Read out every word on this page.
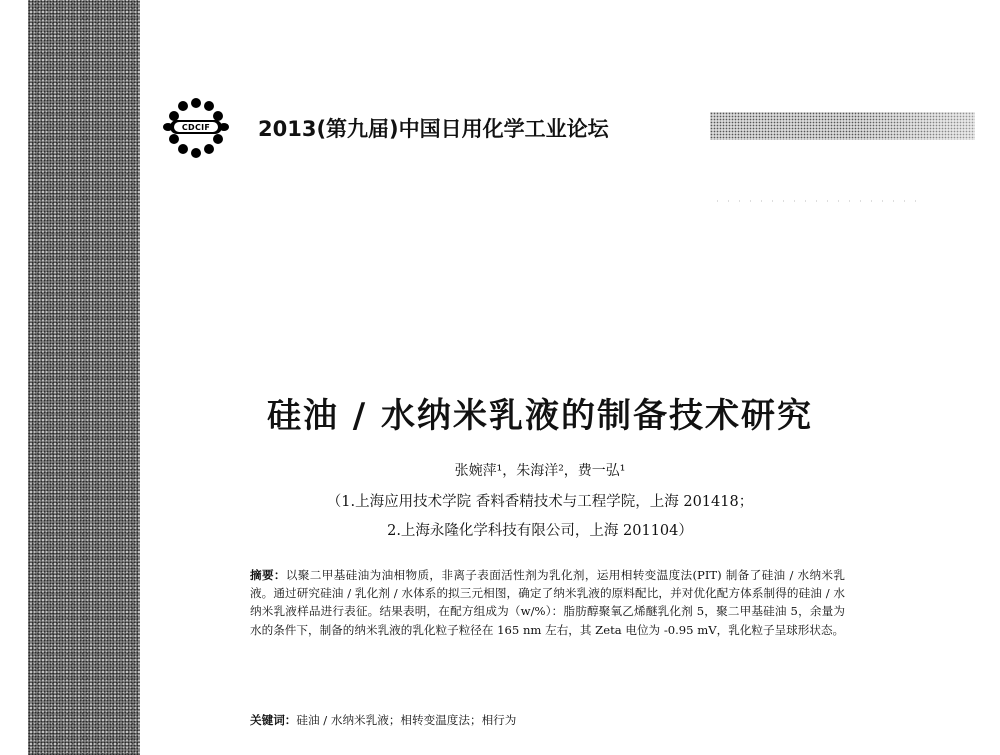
CDCIF	2013(第九届)中国日用化学工业论坛
硅油 / 水纳米乳液的制备技术研究
张婉萍¹，朱海洋²，费一弘¹
（1.上海应用技术学院 香料香精技术与工程学院，上海 201418；
2.上海永隆化学科技有限公司，上海 201104）

摘要：以聚二甲基硅油为油相物质，非离子表面活性剂为乳化剂，运用相转变温度法(PIT) 制备了硅油 / 水纳米乳液。通过研究硅油 / 乳化剂 / 水体系的拟三元相图，确定了纳米乳液的原料配比，并对优化配方体系制得的硅油 / 水纳米乳液样品进行表征。结果表明，在配方组成为（w/%）：脂肪醇聚氧乙烯醚乳化剂 5，聚二甲基硅油 5，余量为水的条件下，制备的纳米乳液的乳化粒子粒径在 165 nm 左右，其 Zeta 电位为 -0.95 mV，乳化粒子呈球形状态。

关键词：硅油 / 水纳米乳液；相转变温度法；相行为
